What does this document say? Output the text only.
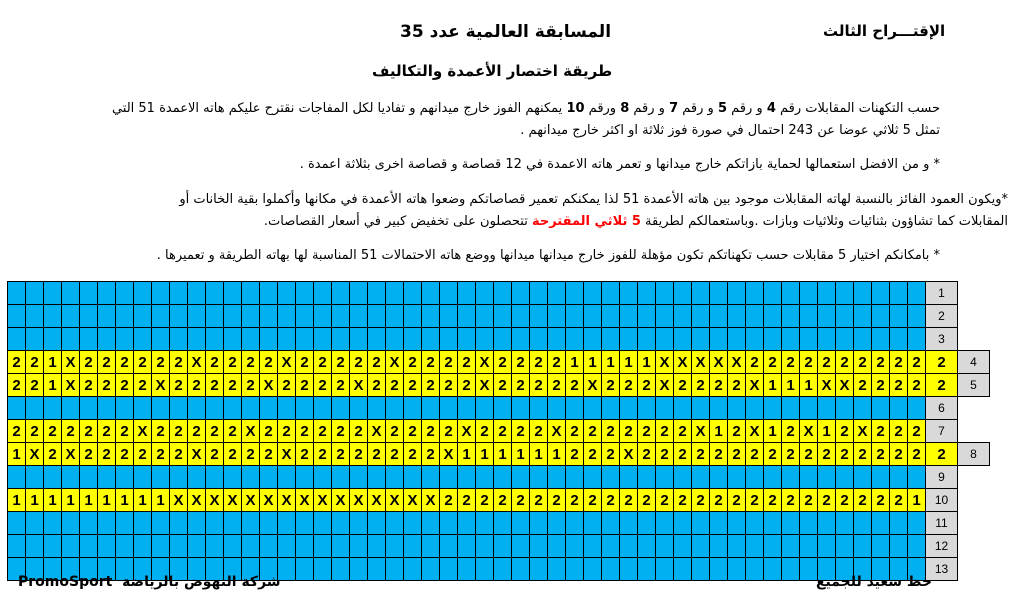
الإقتـــراح الثالث
المسابقة العالمية عدد 35
طريقة اختصار الأعمدة والتكاليف
حسب التكهنات المقابلات رقم 4 و رقم 5 و رقم 7 و رقم 8 ورقم 10 يمكنهم الفوز خارج ميدانهم و تفاديا لكل المفاجات نقترح عليكم هاته الاعمدة 51 التي
تمثل 5 ثلاثي عوضا عن 243 احتمال في صورة فوز ثلاثة او اكثر خارج ميدانهم .
* و من الافضل استعمالها لحماية بازاتكم خارج ميدانها و تعمر هاته الاعمدة في 12 قصاصة و قصاصة اخرى بثلاثة اعمدة .
*ويكون العمود الفائز بالنسبة لهاته المقابلات موجود بين هاته الأعمدة 51 لذا يمكنكم تعمير قصاصاتكم وضعوا هاته الأعمدة في مكانها وأكملوا بقية الخانات أو
المقابلات كما تشاؤون بثنائيات وثلاثيات وبازات .وباستعمالكم لطريقة 5 ثلاثي المقترحة تتحصلون على تخفيض كبير في أسعار القصاصات.
* بامكانكم اختيار 5 مقابلات حسب تكهناتكم تكون مؤهلة للفوز خارج ميدانها ميدانها ووضع هاته الاحتمالات 51 المناسبة لها بهاته الطريقة و تعميرها .
																																																			1	
																																																			2	
																																																			3	
2	2	1	X	2	2	2	2	2	2	X	2	2	2	2	X	2	2	2	2	2	X	2	2	2	2	X	2	2	2	2	1	1	1	1	1	X	X	X	X	X	2	2	2	2	2	2	2	2	2	2	2	4
2	2	1	X	2	2	2	2	X	2	2	2	2	2	X	2	2	2	2	X	2	2	2	2	2	2	X	2	2	2	2	2	X	2	2	2	X	2	2	2	2	X	1	1	1	X	X	2	2	2	2	2	5
																																																			6	
2	2	2	2	2	2	2	X	2	2	2	2	2	X	2	2	2	2	2	2	X	2	2	2	2	X	2	2	2	2	X	2	2	2	2	2	2	2	X	1	2	X	1	2	X	1	2	X	2	2	2	7	
1	X	2	X	2	2	2	2	2	2	X	2	2	2	2	X	2	2	2	2	2	2	2	2	X	1	1	1	1	1	1	2	2	2	X	2	2	2	2	2	2	2	2	2	2	2	2	2	2	2	2	2	8
																																																			9	
1	1	1	1	1	1	1	1	1	X	X	X	X	X	X	X	X	X	X	X	X	X	X	X	2	2	2	2	2	2	2	2	2	2	2	2	2	2	2	2	2	2	2	2	2	2	2	2	2	2	1	10	
																																																			11	
																																																			12	
																																																			13	
حظ سعيد للجميع
PromoSport شركة النهوض بالرياضة
